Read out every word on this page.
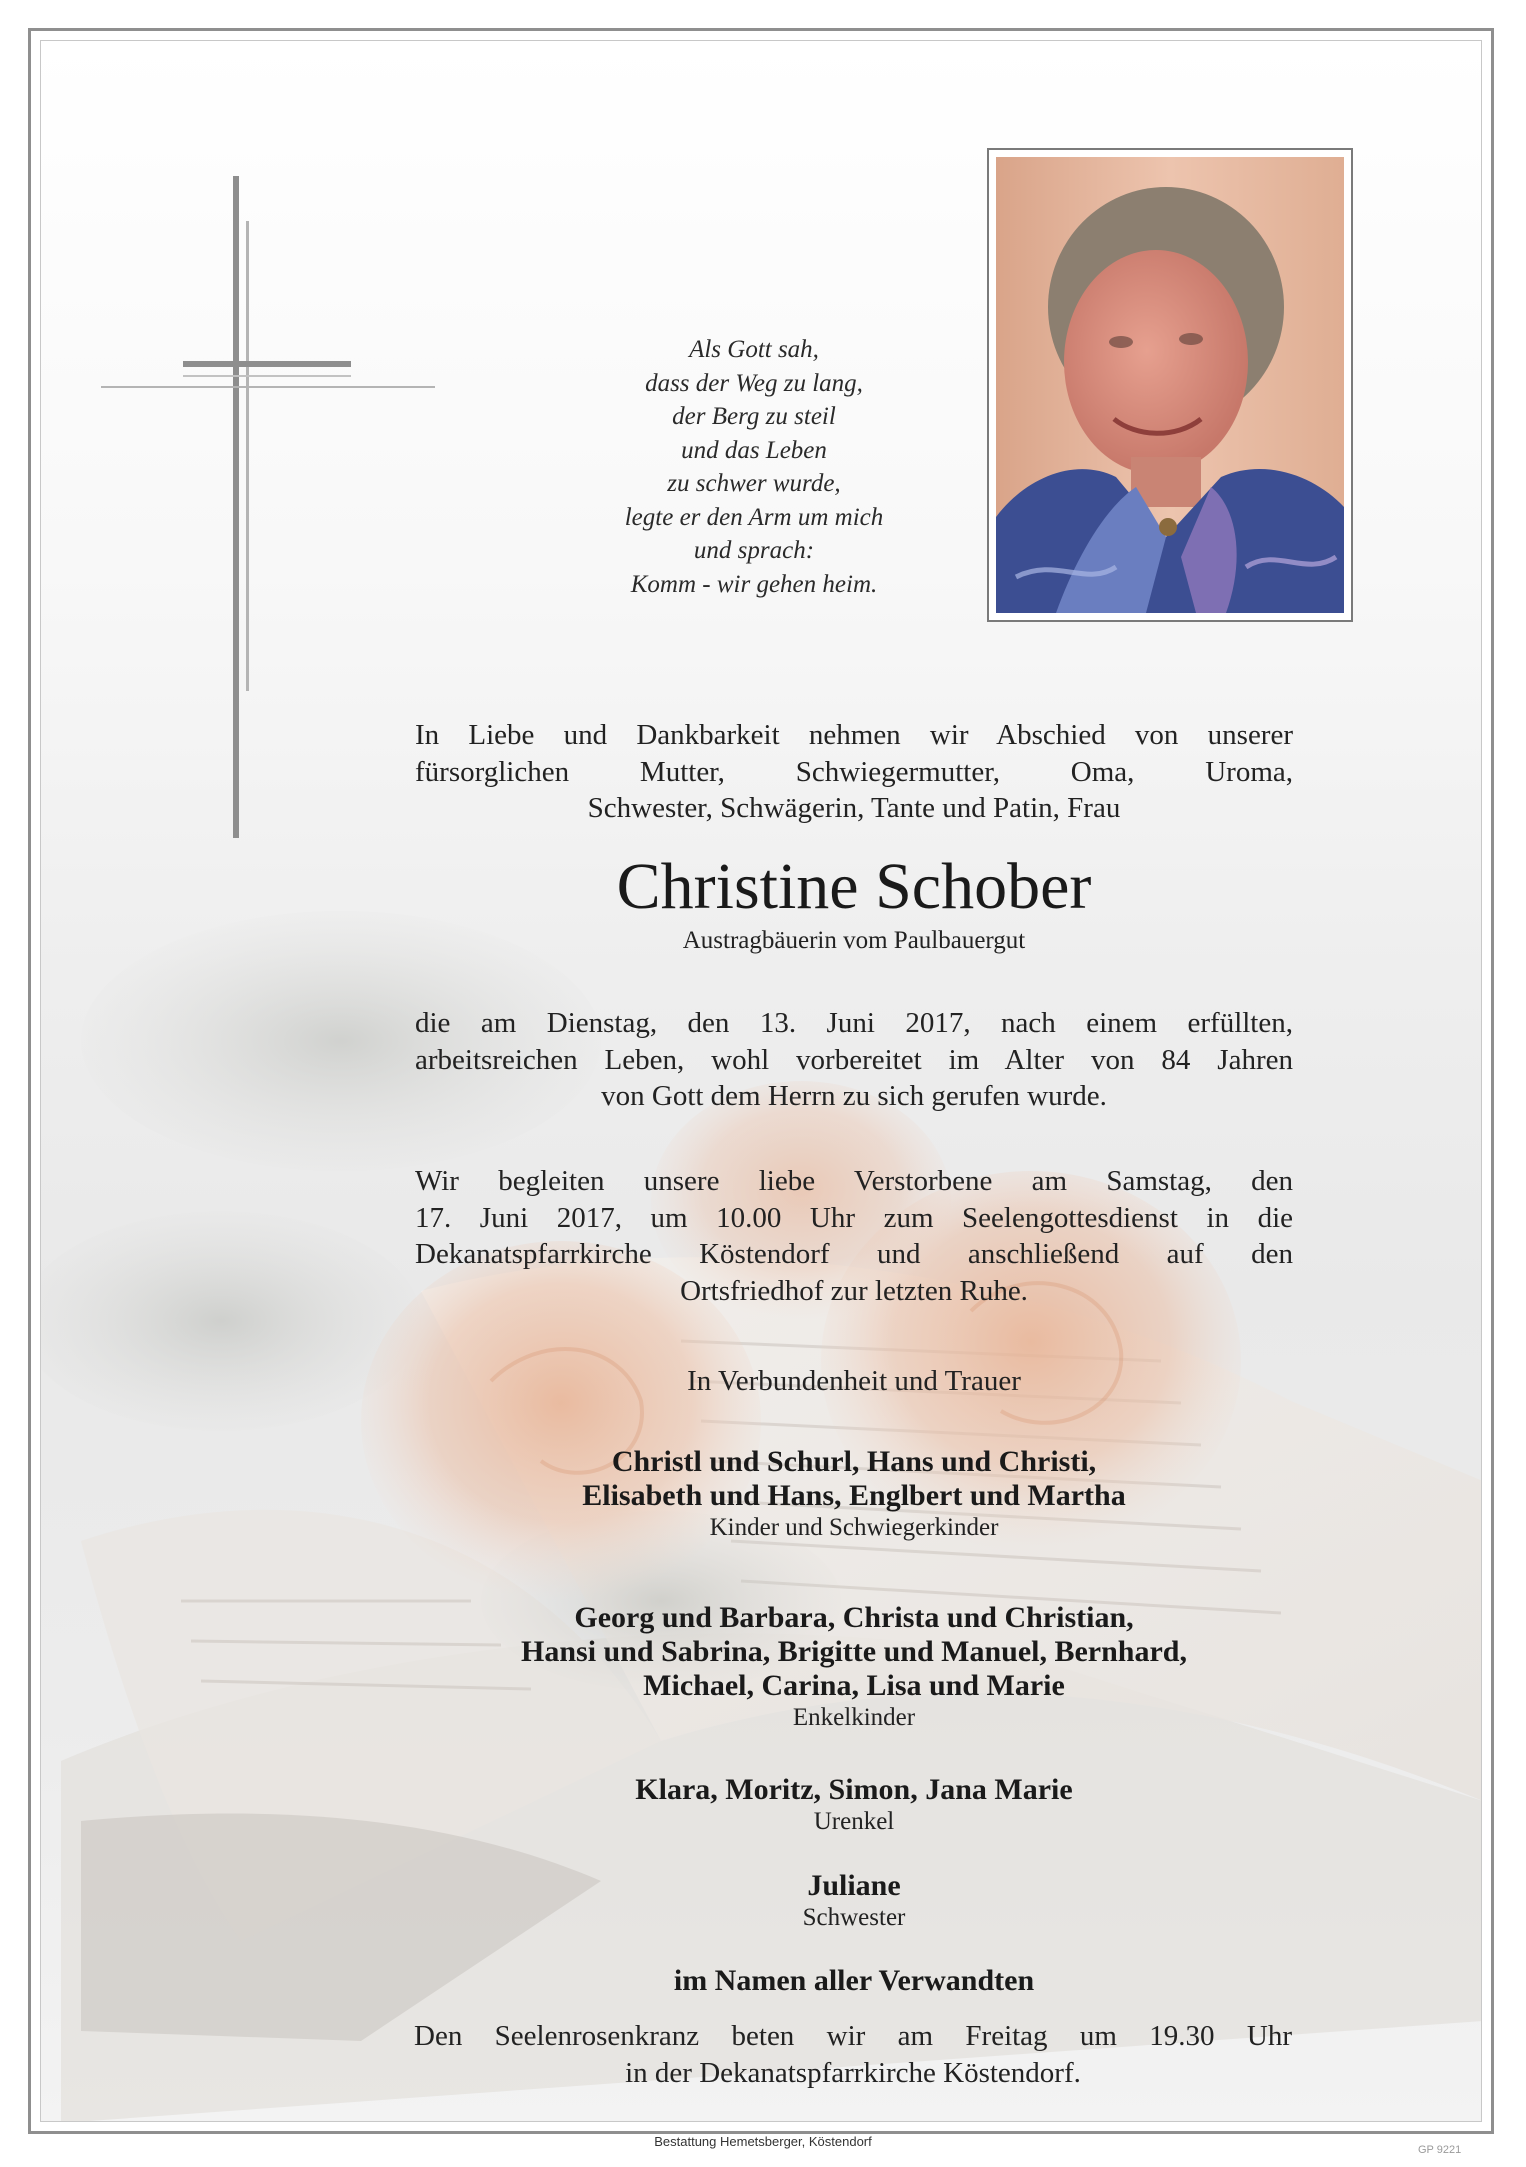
Als Gott sah,
dass der Weg zu lang,
der Berg zu steil
und das Leben
zu schwer wurde,
legte er den Arm um mich
und sprach:
Komm - wir gehen heim.
In Liebe und Dankbarkeit nehmen wir Abschied von unserer
fürsorglichen Mutter, Schwiegermutter, Oma, Uroma,
Schwester, Schwägerin, Tante und Patin, Frau
Christine Schober
Austragbäuerin vom Paulbauergut
die am Dienstag, den 13. Juni 2017, nach einem erfüllten,
arbeitsreichen Leben, wohl vorbereitet im Alter von 84 Jahren
von Gott dem Herrn zu sich gerufen wurde.
Wir begleiten unsere liebe Verstorbene am Samstag, den
17. Juni 2017, um 10.00 Uhr zum Seelengottesdienst in die
Dekanatspfarrkirche Köstendorf und anschließend auf den
Ortsfriedhof zur letzten Ruhe.
In Verbundenheit und Trauer
Christl und Schurl, Hans und Christi,
Elisabeth und Hans, Englbert und Martha
Kinder und Schwiegerkinder
Georg und Barbara, Christa und Christian,
Hansi und Sabrina, Brigitte und Manuel, Bernhard,
Michael, Carina, Lisa und Marie
Enkelkinder
Klara, Moritz, Simon, Jana Marie
Urenkel
Juliane
Schwester
im Namen aller Verwandten
Den Seelenrosenkranz beten wir am Freitag um 19.30 Uhr
in der Dekanatspfarrkirche Köstendorf.
Bestattung Hemetsberger, Köstendorf
GP 9221
